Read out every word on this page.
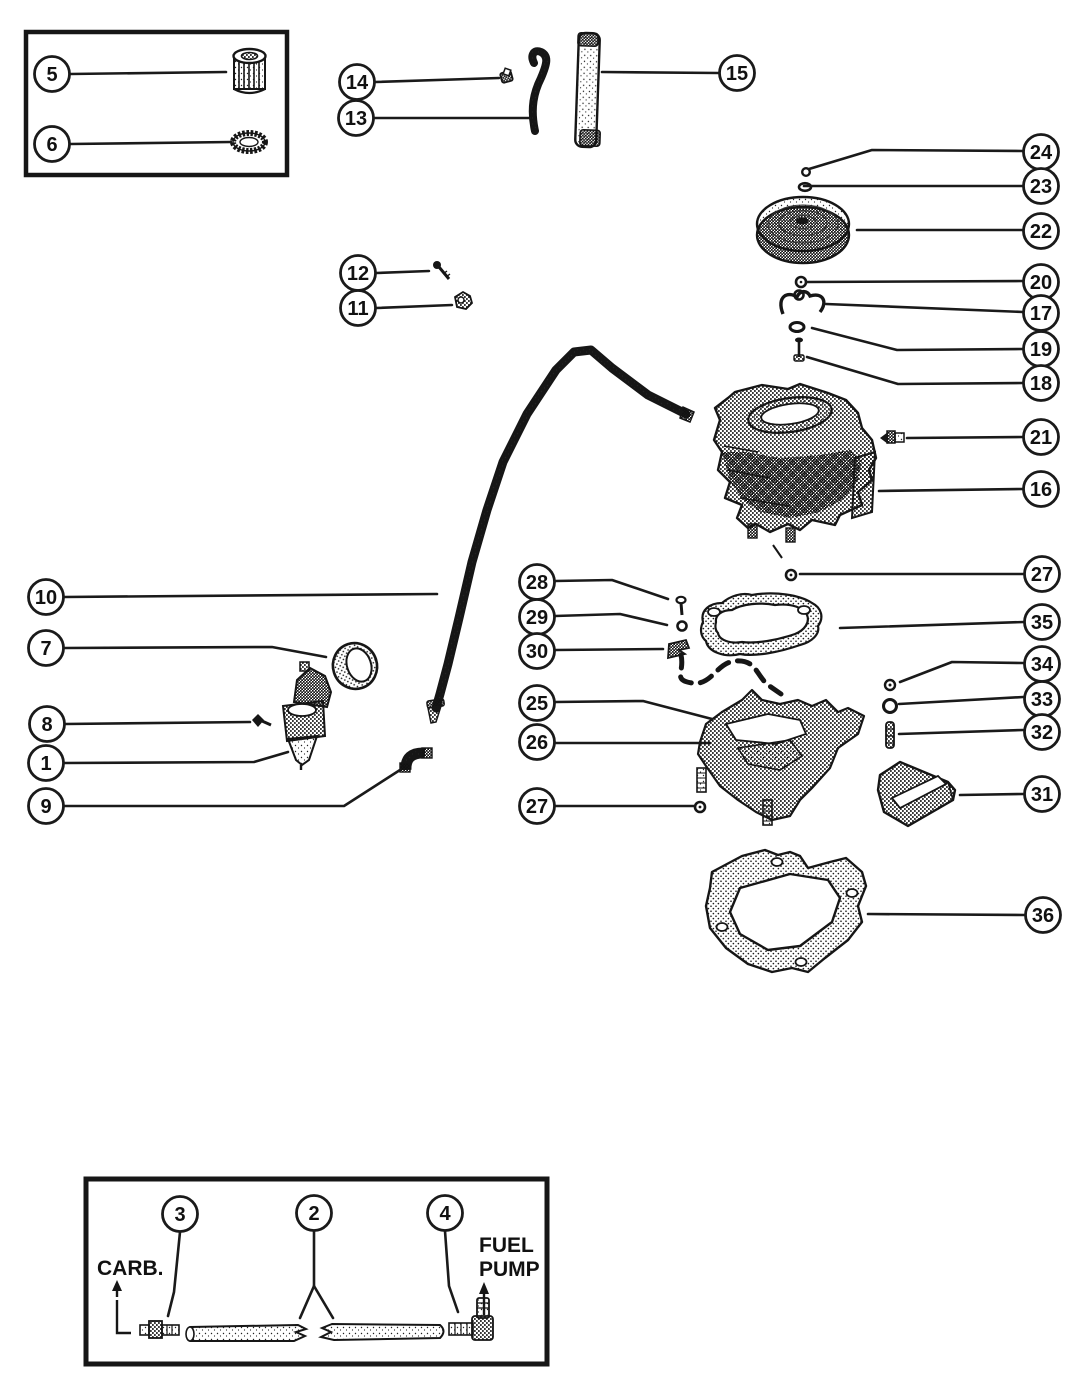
CARB.
FUEL
PUMP
5
6
14
13
15
12
11
24
23
22
20
17
19
18
21
16
10
7
8
1
9
28
29
30
25
26
27
27
35
34
33
32
31
36
3	2	4
